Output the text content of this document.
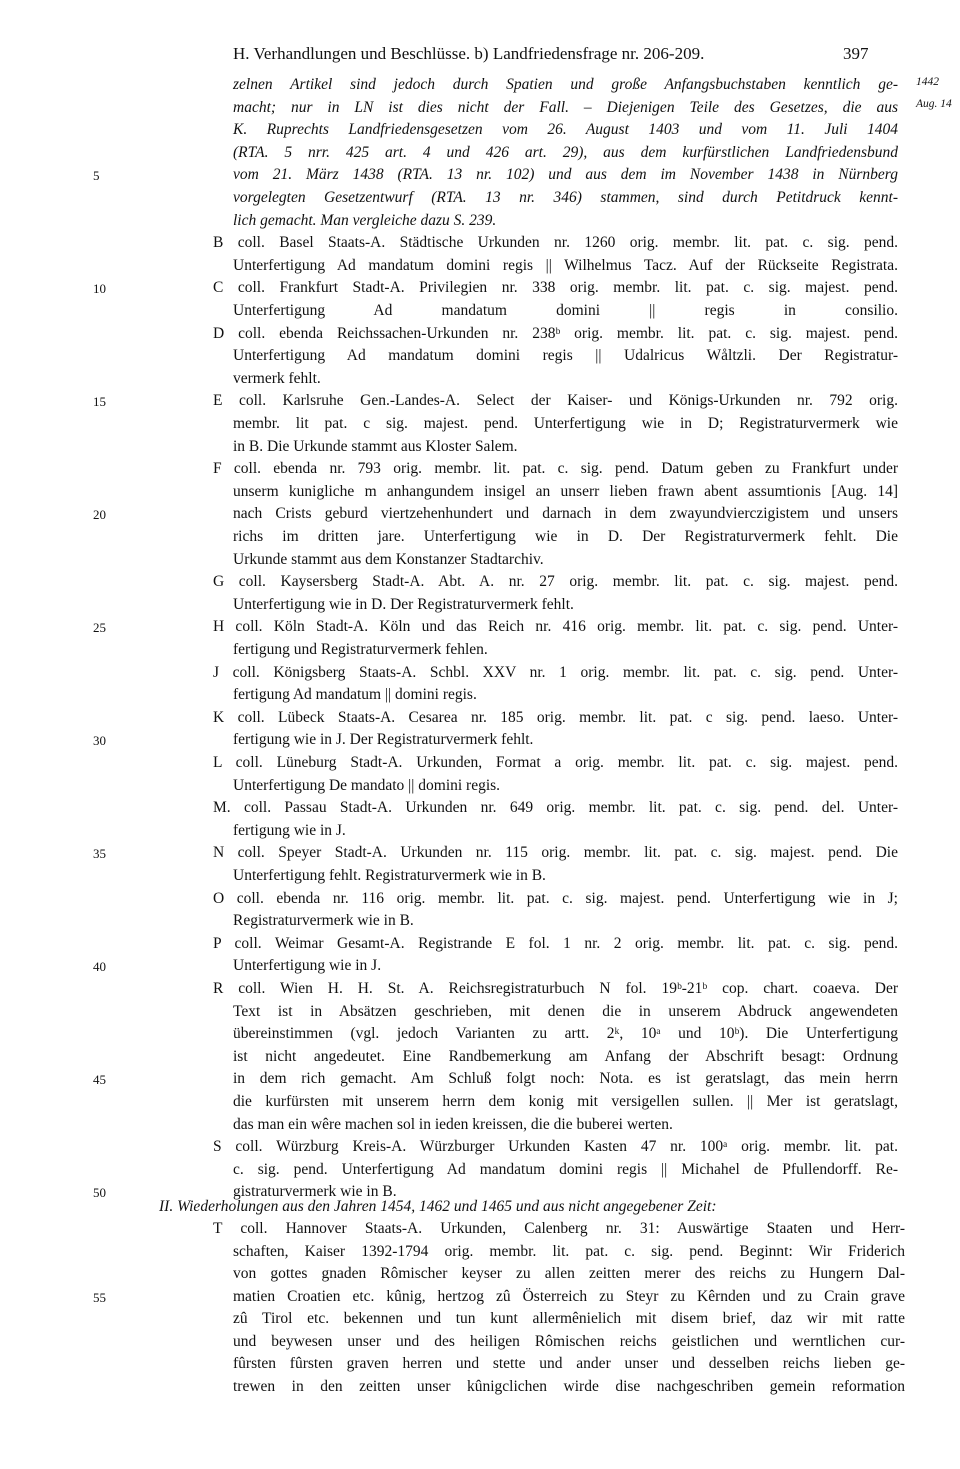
H. Verhandlungen und Beschlüsse. b) Landfriedensfrage nr. 206-209.	397
zelnen Artikel sind jedoch durch Spatien und große Anfangsbuchstaben kenntlich ge-
macht; nur in LN ist dies nicht der Fall. – Diejenigen Teile des Gesetzes, die aus
K. Ruprechts Landfriedensgesetzen vom 26. August 1403 und vom 11. Juli 1404
(RTA. 5 nrr. 425 art. 4 und 426 art. 29), aus dem kurfürstlichen Landfriedensbund
vom 21. März 1438 (RTA. 13 nr. 102) und aus dem im November 1438 in Nürnberg
vorgelegten Gesetzentwurf (RTA. 13 nr. 346) stammen, sind durch Petitdruck kennt-
lich gemacht. Man vergleiche dazu S. 239.
B coll. Basel Staats-A. Städtische Urkunden nr. 1260 orig. membr. lit. pat. c. sig. pend.
Unterfertigung Ad mandatum domini regis || Wilhelmus Tacz. Auf der Rückseite Registrata.
C coll. Frankfurt Stadt-A. Privilegien nr. 338 orig. membr. lit. pat. c. sig. majest. pend.
Unterfertigung Ad mandatum domini || regis in consilio.
D coll. ebenda Reichssachen-Urkunden nr. 238ᵇ orig. membr. lit. pat. c. sig. majest. pend.
Unterfertigung Ad mandatum domini regis || Udalricus Wåltzli. Der Registratur-
vermerk fehlt.
E coll. Karlsruhe Gen.-Landes-A. Select der Kaiser- und Königs-Urkunden nr. 792 orig.
membr. lit pat. c sig. majest. pend. Unterfertigung wie in D; Registraturvermerk wie
in B. Die Urkunde stammt aus Kloster Salem.
F coll. ebenda nr. 793 orig. membr. lit. pat. c. sig. pend. Datum geben zu Frankfurt under
unserm kunigliche m anhangundem insigel an unserr lieben frawn abent assumtionis [Aug. 14]
nach Crists geburd viertzehenhundert und darnach in dem zwayundvierczigistem und unsers
richs im dritten jare. Unterfertigung wie in D. Der Registraturvermerk fehlt. Die
Urkunde stammt aus dem Konstanzer Stadtarchiv.
G coll. Kaysersberg Stadt-A. Abt. A. nr. 27 orig. membr. lit. pat. c. sig. majest. pend.
Unterfertigung wie in D. Der Registraturvermerk fehlt.
H coll. Köln Stadt-A. Köln und das Reich nr. 416 orig. membr. lit. pat. c. sig. pend. Unter-
fertigung und Registraturvermerk fehlen.
J coll. Königsberg Staats-A. Schbl. XXV nr. 1 orig. membr. lit. pat. c. sig. pend. Unter-
fertigung Ad mandatum || domini regis.
K coll. Lübeck Staats-A. Cesarea nr. 185 orig. membr. lit. pat. c sig. pend. laeso. Unter-
fertigung wie in J. Der Registraturvermerk fehlt.
L coll. Lüneburg Stadt-A. Urkunden, Format a orig. membr. lit. pat. c. sig. majest. pend.
Unterfertigung De mandato || domini regis.
M. coll. Passau Stadt-A. Urkunden nr. 649 orig. membr. lit. pat. c. sig. pend. del. Unter-
fertigung wie in J.
N coll. Speyer Stadt-A. Urkunden nr. 115 orig. membr. lit. pat. c. sig. majest. pend. Die
Unterfertigung fehlt. Registraturvermerk wie in B.
O coll. ebenda nr. 116 orig. membr. lit. pat. c. sig. majest. pend. Unterfertigung wie in J;
Registraturvermerk wie in B.
P coll. Weimar Gesamt-A. Registrande E fol. 1 nr. 2 orig. membr. lit. pat. c. sig. pend.
Unterfertigung wie in J.
R coll. Wien H. H. St. A. Reichsregistraturbuch N fol. 19ᵇ-21ᵇ cop. chart. coaeva. Der
Text ist in Absätzen geschrieben, mit denen die in unserem Abdruck angewendeten
übereinstimmen (vgl. jedoch Varianten zu artt. 2ᵏ, 10ᵃ und 10ᵇ). Die Unterfertigung
ist nicht angedeutet. Eine Randbemerkung am Anfang der Abschrift besagt: Ordnung
in dem rich gemacht. Am Schluß folgt noch: Nota. es ist geratslagt, das mein herrn
die kurfürsten mit unserem herrn dem konig mit versigellen sullen. || Mer ist geratslagt,
das man ein wêre machen sol in ieden kreissen, die die buberei werten.
S coll. Würzburg Kreis-A. Würzburger Urkunden Kasten 47 nr. 100ᵃ orig. membr. lit. pat.
c. sig. pend. Unterfertigung Ad mandatum domini regis || Michahel de Pfullendorff. Re-
gistraturvermerk wie in B.
II. Wiederholungen aus den Jahren 1454, 1462 und 1465 und aus nicht angegebener Zeit:
T coll. Hannover Staats-A. Urkunden, Calenberg nr. 31: Auswärtige Staaten und Herr-
schaften, Kaiser 1392-1794 orig. membr. lit. pat. c. sig. pend. Beginnt: Wir Friderich
von gottes gnaden Rômischer keyser zu allen zeitten merer des reichs zu Hungern Dal-
matien Croatien etc. kûnig, hertzog zû Österreich zu Steyr zu Kêrnden und zu Crain grave
zû Tirol etc. bekennen und tun kunt allermênielich mit disem brief, daz wir mit ratte
und beywesen unser und des heiligen Rômischen reichs geistlichen und werntlichen cur-
fûrsten fûrsten graven herren und stette und ander unser und desselben reichs lieben ge-
trewen in den zeitten unser kûnigclichen wirde dise nachgeschriben gemein reformation
5
10
15
20
25
30
35
40
45
50
55
1442
Aug. 14
